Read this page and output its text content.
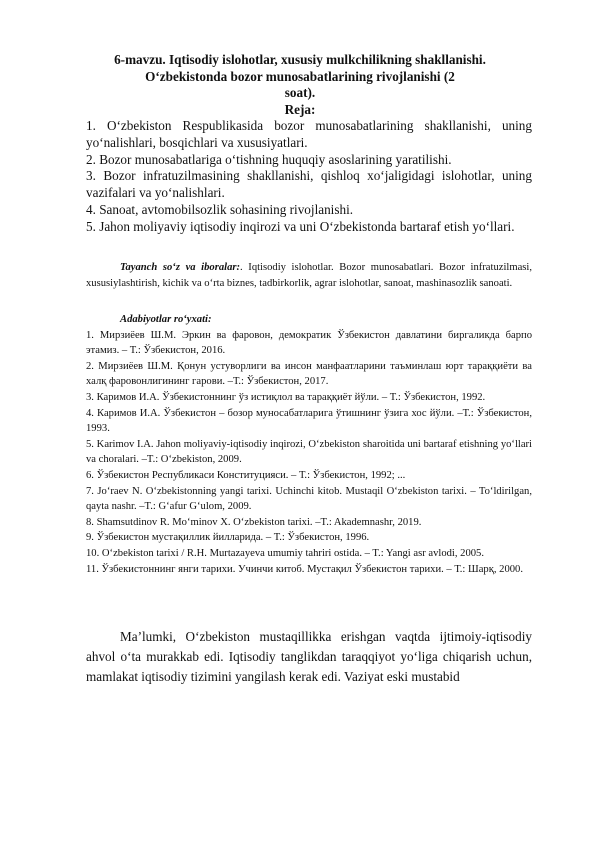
6-mavzu. Iqtisodiy islohotlar, xususiy mulkchilikning shakllanishi.
O‘zbekistonda bozor munosabatlarining rivojlanishi (2
soat).
Reja:

1. O‘zbekiston Respublikasida bozor munosabatlarining shakllanishi, uning yo‘nalishlari, bosqichlari va xususiyatlari.

2. Bozor munosabatlariga o‘tishning huquqiy asoslarining yaratilishi.

3. Bozor infratuzilmasining shakllanishi, qishloq xo‘jaligidagi islohotlar, uning vazifalari va yo‘nalishlari.

4. Sanoat, avtomobilsozlik sohasining rivojlanishi.

5. Jahon moliyaviy iqtisodiy inqirozi va uni O‘zbekistonda bartaraf etish yo‘llari.

Tayanch so‘z va iboralar:. Iqtisodiy islohotlar. Bozor munosabatlari. Bozor infratuzilmasi, xususiylashtirish, kichik va o‘rta biznes, tadbirkorlik, agrar islohotlar, sanoat, mashinasozlik sanoati.

Adabiyotlar ro‘yxati:

1. Мирзиёев Ш.М. Эркин ва фаровон, демократик Ўзбекистон давлатини биргаликда барпо этамиз. – Т.: Ўзбекистон, 2016.

2. Мирзиёев Ш.М. Қонун устуворлиги ва инсон манфаатларини таъминлаш юрт тараққиёти ва халқ фаровонлигининг гарови. –Т.: Ўзбекистон, 2017.

3. Каримов И.А. Ўзбекистоннинг ўз истиқлол ва тараққиёт йўли. – Т.: Ўзбекистон, 1992.

4. Каримов И.А. Ўзбекистон – бозор муносабатларига ўтишнинг ўзига хос йўли. –Т.: Ўзбекистон, 1993.

5. Karimov I.A. Jahon moliyaviy-iqtisodiy inqirozi, O‘zbekiston sharoitida uni bartaraf etishning yo‘llari va choralari. –T.: O‘zbekiston, 2009.

6. Ўзбекистон Республикаси Конституцияси. – Т.: Ўзбекистон, 1992; ...

7. Jo‘raev N. O‘zbekistonning yangi tarixi. Uchinchi kitob. Mustaqil O‘zbekiston tarixi. – To‘ldirilgan, qayta nashr. –T.: G‘afur G‘ulom, 2009.

8. Shamsutdinov R. Mo‘minov X. O‘zbekiston tarixi. –T.: Akademnashr, 2019.

9. Ўзбекистон мустақиллик йилларида. – Т.: Ўзбекистон, 1996.

10. O‘zbekiston tarixi / R.H. Murtazayeva umumiy tahriri ostida. – T.: Yangi asr avlodi, 2005.

11. Ўзбекистоннинг янги тарихи. Учинчи китоб. Мустақил Ўзбекистон тарихи. – Т.: Шарқ, 2000.

Ma’lumki, O‘zbekiston mustaqillikka erishgan vaqtda ijtimoiy-iqtisodiy ahvol o‘ta murakkab edi. Iqtisodiy tanglikdan taraqqiyot yo‘liga chiqarish uchun, mamlakat iqtisodiy tizimini yangilash kerak edi. Vaziyat eski mustabid
